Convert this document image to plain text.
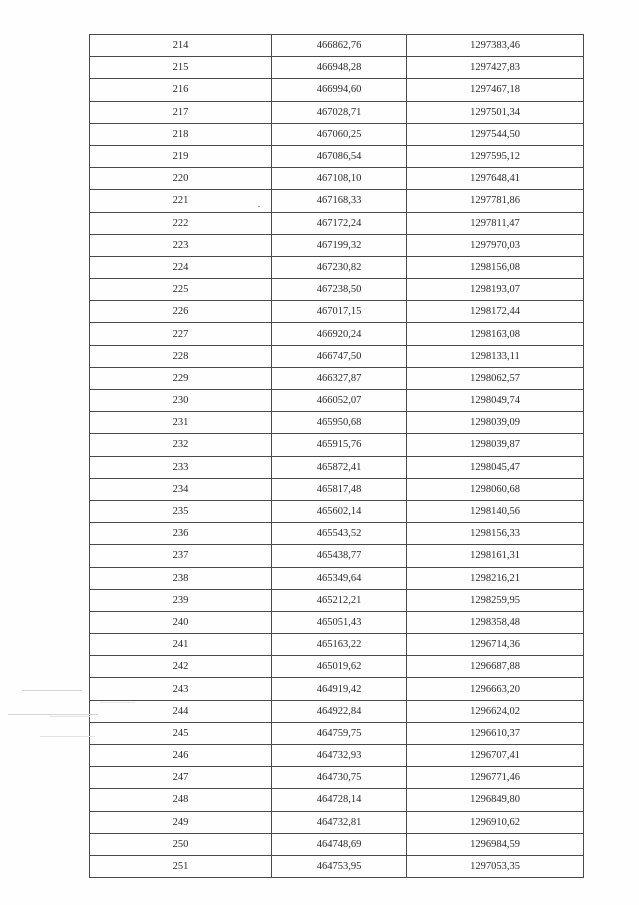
214	466862,76	1297383,46
215	466948,28	1297427,83
216	466994,60	1297467,18
217	467028,71	1297501,34
218	467060,25	1297544,50
219	467086,54	1297595,12
220	467108,10	1297648,41
221	467168,33	1297781,86
222	467172,24	1297811,47
223	467199,32	1297970,03
224	467230,82	1298156,08
225	467238,50	1298193,07
226	467017,15	1298172,44
227	466920,24	1298163,08
228	466747,50	1298133,11
229	466327,87	1298062,57
230	466052,07	1298049,74
231	465950,68	1298039,09
232	465915,76	1298039,87
233	465872,41	1298045,47
234	465817,48	1298060,68
235	465602,14	1298140,56
236	465543,52	1298156,33
237	465438,77	1298161,31
238	465349,64	1298216,21
239	465212,21	1298259,95
240	465051,43	1298358,48
241	465163,22	1296714,36
242	465019,62	1296687,88
243	464919,42	1296663,20
244	464922,84	1296624,02
245	464759,75	1296610,37
246	464732,93	1296707,41
247	464730,75	1296771,46
248	464728,14	1296849,80
249	464732,81	1296910,62
250	464748,69	1296984,59
251	464753,95	1297053,35
